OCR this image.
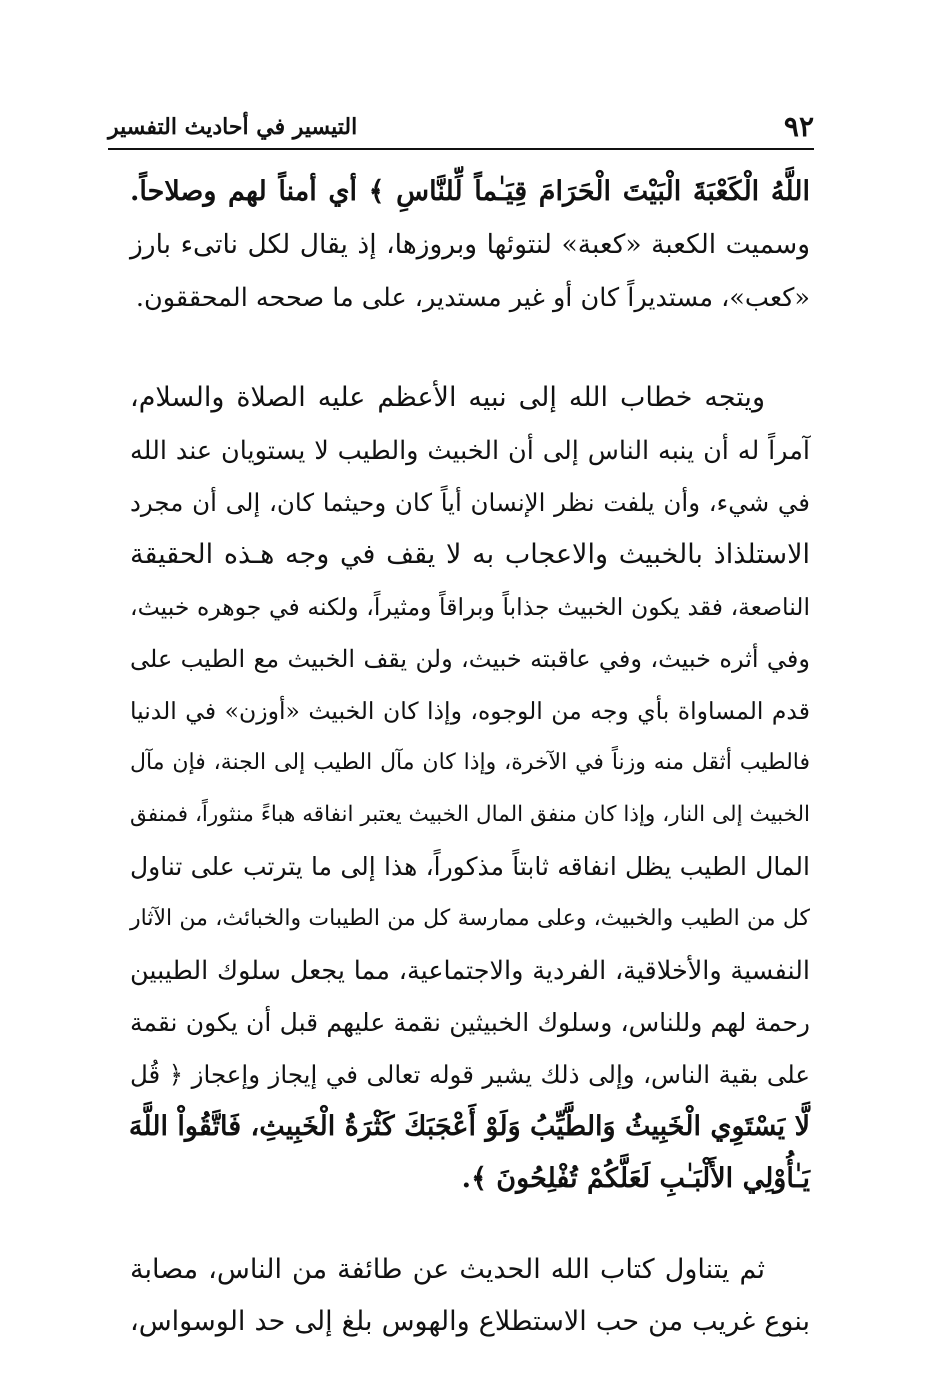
٩٢
التيسير في أحاديث التفسير
اللَّهُ الْكَعْبَةَ الْبَيْتَ الْحَرَامَ قِيَـٰماً لِّلنَّاسِ ﴾ أي أمناً لهم وصلاحاً.
وسميت الكعبة «كعبة» لنتوئها وبروزها، إذ يقال لكل ناتىء بارز
«كعب»، مستديراً كان أو غير مستدير، على ما صححه المحققون.
ويتجه خطاب الله إلى نبيه الأعظم عليه الصلاة والسلام،
آمراً له أن ينبه الناس إلى أن الخبيث والطيب لا يستويان عند الله
في شيء، وأن يلفت نظر الإنسان أياً كان وحيثما كان، إلى أن مجرد
الاستلذاذ بالخبيث والاعجاب به لا يقف في وجه هـذه الحقيقة
الناصعة، فقد يكون الخبيث جذاباً وبراقاً ومثيراً، ولكنه في جوهره خبيث،
وفي أثره خبيث، وفي عاقبته خبيث، ولن يقف الخبيث مع الطيب على
قدم المساواة بأي وجه من الوجوه، وإذا كان الخبيث «أوزن» في الدنيا
فالطيب أثقل منه وزناً في الآخرة، وإذا كان مآل الطيب إلى الجنة، فإن مآل
الخبيث إلى النار، وإذا كان منفق المال الخبيث يعتبر انفاقه هباءً منثوراً، فمنفق
المال الطيب يظل انفاقه ثابتاً مذكوراً، هذا إلى ما يترتب على تناول
كل من الطيب والخبيث، وعلى ممارسة كل من الطيبات والخبائث، من الآثار
النفسية والأخلاقية، الفردية والاجتماعية، مما يجعل سلوك الطيبين
رحمة لهم وللناس، وسلوك الخبيثين نقمة عليهم قبل أن يكون نقمة
على بقية الناس، وإلى ذلك يشير قوله تعالى في إيجاز وإعجاز ﴿ قُل
لَّا يَسْتَوِي الْخَبِيثُ وَالطَّيِّبُ وَلَوْ أَعْجَبَكَ كَثْرَةُ الْخَبِيثِ، فَاتَّقُواْ اللَّهَ
يَـٰأُوْلِي الأَلْبَـٰبِ لَعَلَّكُمْ تُفْلِحُونَ ﴾.
ثم يتناول كتاب الله الحديث عن طائفة من الناس، مصابة
بنوع غريب من حب الاستطلاع والهوس بلغ إلى حد الوسواس،
